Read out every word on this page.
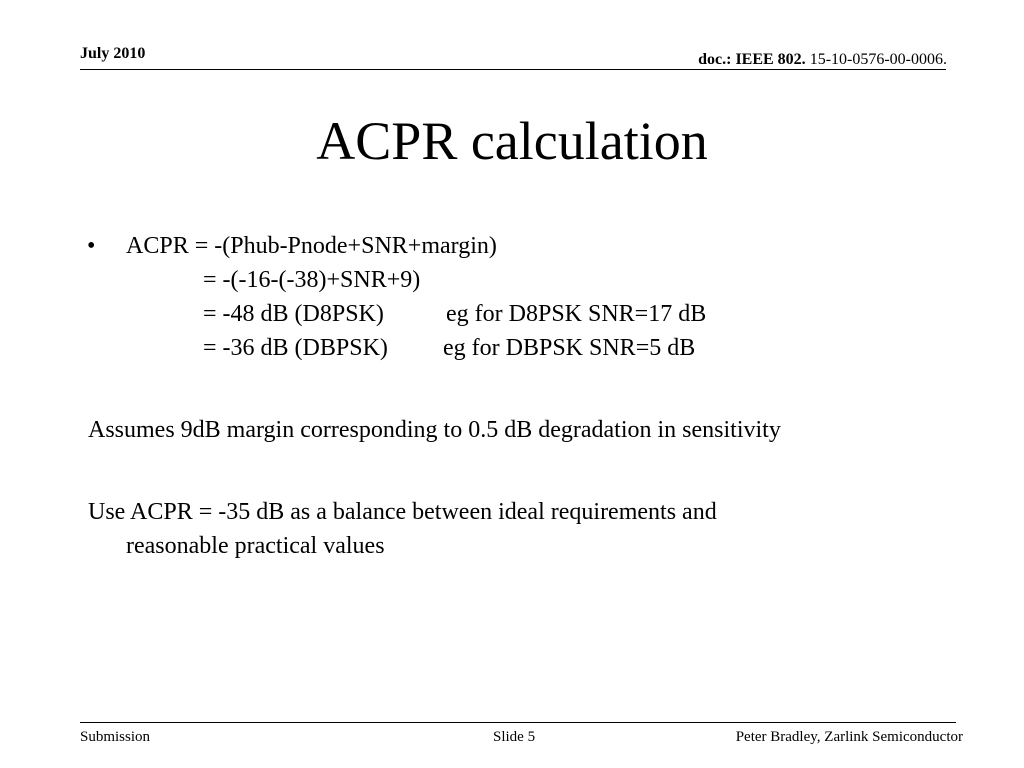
July 2010	doc.: IEEE 802. 15-10-0576-00-0006.
ACPR calculation
• ACPR = -(Phub-Pnode+SNR+margin)
= -(-16-(-38)+SNR+9)
= -48 dB (D8PSK)	eg for D8PSK SNR=17 dB
= -36 dB (DBPSK) eg for DBPSK SNR=5 dB
Assumes 9dB margin corresponding to 0.5 dB degradation in sensitivity
Use ACPR = -35 dB as a balance between ideal requirements and
reasonable practical values
Submission	Slide 5	Peter Bradley, Zarlink Semiconductor
